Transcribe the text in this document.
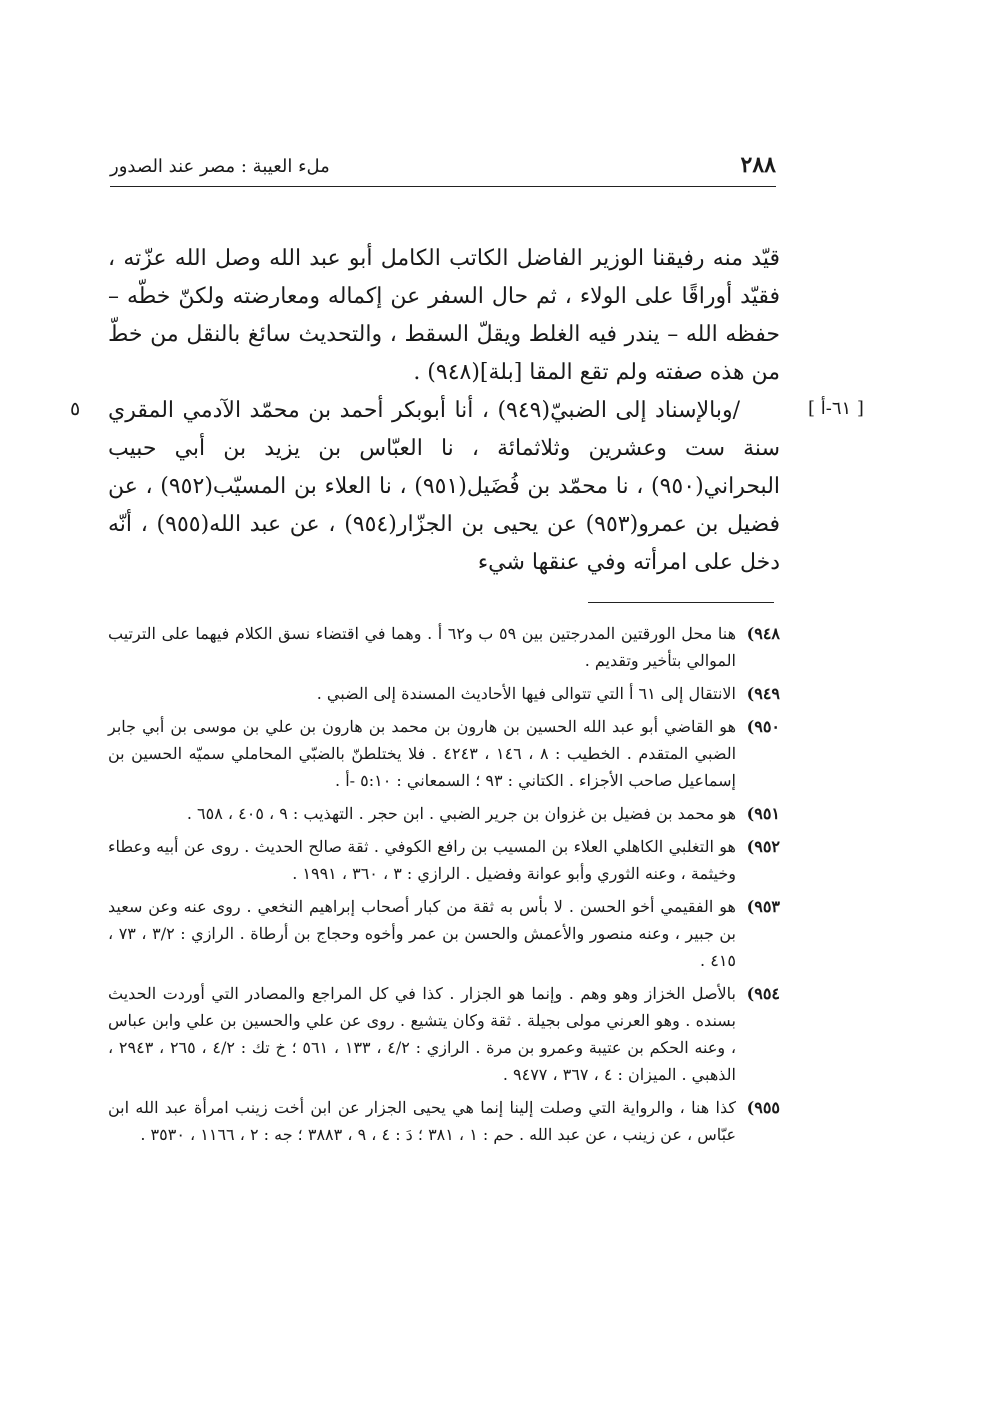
٢٨٨
ملء العيبة : مصر عند الصدور
قيّد منه رفيقنا الوزير الفاضل الكاتب الكامل أبو عبد الله وصل الله عزّته ، فقيّد أوراقًا على الولاء ، ثم حال السفر عن إكماله ومعارضته ولكنّ خطّه – حفظه الله – يندر فيه الغلط ويقلّ السقط ، والتحديث سائغ بالنقل من خطّ من هذه صفته ولم تقع المقا [بلة](٩٤٨) .
٥	[ ٦١-أ ]
/وبالإسناد إلى الضبيّ(٩٤٩) ، أنا أبوبكر أحمد بن محمّد الآدمي المقري سنة ست وعشرين وثلاثمائة ، نا العبّاس بن يزيد بن أبي حبيب البحراني(٩٥٠) ، نا محمّد بن فُضَيل(٩٥١) ، نا العلاء بن المسيّب(٩٥٢) ، عن فضيل بن عمرو(٩٥٣) عن يحيى بن الجزّار(٩٥٤) ، عن عبد الله(٩٥٥) ، أنّه دخل على امرأته وفي عنقها شيء
٩٤٨)
هنا محل الورقتين المدرجتين بين ٥٩ ب و٦٢ أ . وهما في اقتضاء نسق الكلام فيهما على الترتيب الموالي بتأخير وتقديم .
٩٤٩)
الانتقال إلى ٦١ أ التي تتوالى فيها الأحاديث المسندة إلى الضبي .
٩٥٠)
هو القاضي أبو عبد الله الحسين بن هارون بن محمد بن هارون بن علي بن موسى بن أبي جابر الضبي المتقدم . الخطيب : ٨ ، ١٤٦ ، ٤٢٤٣ . فلا يختلطنّ بالضبّي المحاملي سميّه الحسين بن إسماعيل صاحب الأجزاء . الكتاني : ٩٣ ؛ السمعاني : ٥:١٠ -أ .
٩٥١)
هو محمد بن فضيل بن غزوان بن جرير الضبي . ابن حجر . التهذيب : ٩ ، ٤٠٥ ، ٦٥٨ .
٩٥٢)
هو التغلبي الكاهلي العلاء بن المسيب بن رافع الكوفي . ثقة صالح الحديث . روى عن أبيه وعطاء وخيثمة ، وعنه الثوري وأبو عوانة وفضيل . الرازي : ٣ ، ٣٦٠ ، ١٩٩١ .
٩٥٣)
هو الفقيمي أخو الحسن . لا بأس به ثقة من كبار أصحاب إبراهيم النخعي . روى عنه وعن سعيد بن جبير ، وعنه منصور والأعمش والحسن بن عمر وأخوه وحجاج بن أرطاة . الرازي : ٣/٢ ، ٧٣ ، ٤١٥ .
٩٥٤)
بالأصل الخزاز وهو وهم . وإنما هو الجزار . كذا في كل المراجع والمصادر التي أوردت الحديث بسنده . وهو العرني مولى بجيلة . ثقة وكان يتشيع . روى عن علي والحسين بن علي وابن عباس ، وعنه الحكم بن عتيبة وعمرو بن مرة . الرازي : ٤/٢ ، ١٣٣ ، ٥٦١ ؛ خ تك : ٤/٢ ، ٢٦٥ ، ٢٩٤٣ ، الذهبي . الميزان : ٤ ، ٣٦٧ ، ٩٤٧٧ .
٩٥٥)
كذا هنا ، والرواية التي وصلت إلينا إنما هي يحيى الجزار عن ابن أخت زينب امرأة عبد الله ابن عبّاس ، عن زينب ، عن عبد الله . حم : ١ ، ٣٨١ ؛ دَ : ٤ ، ٩ ، ٣٨٨٣ ؛ جه : ٢ ، ١١٦٦ ، ٣٥٣٠ .
